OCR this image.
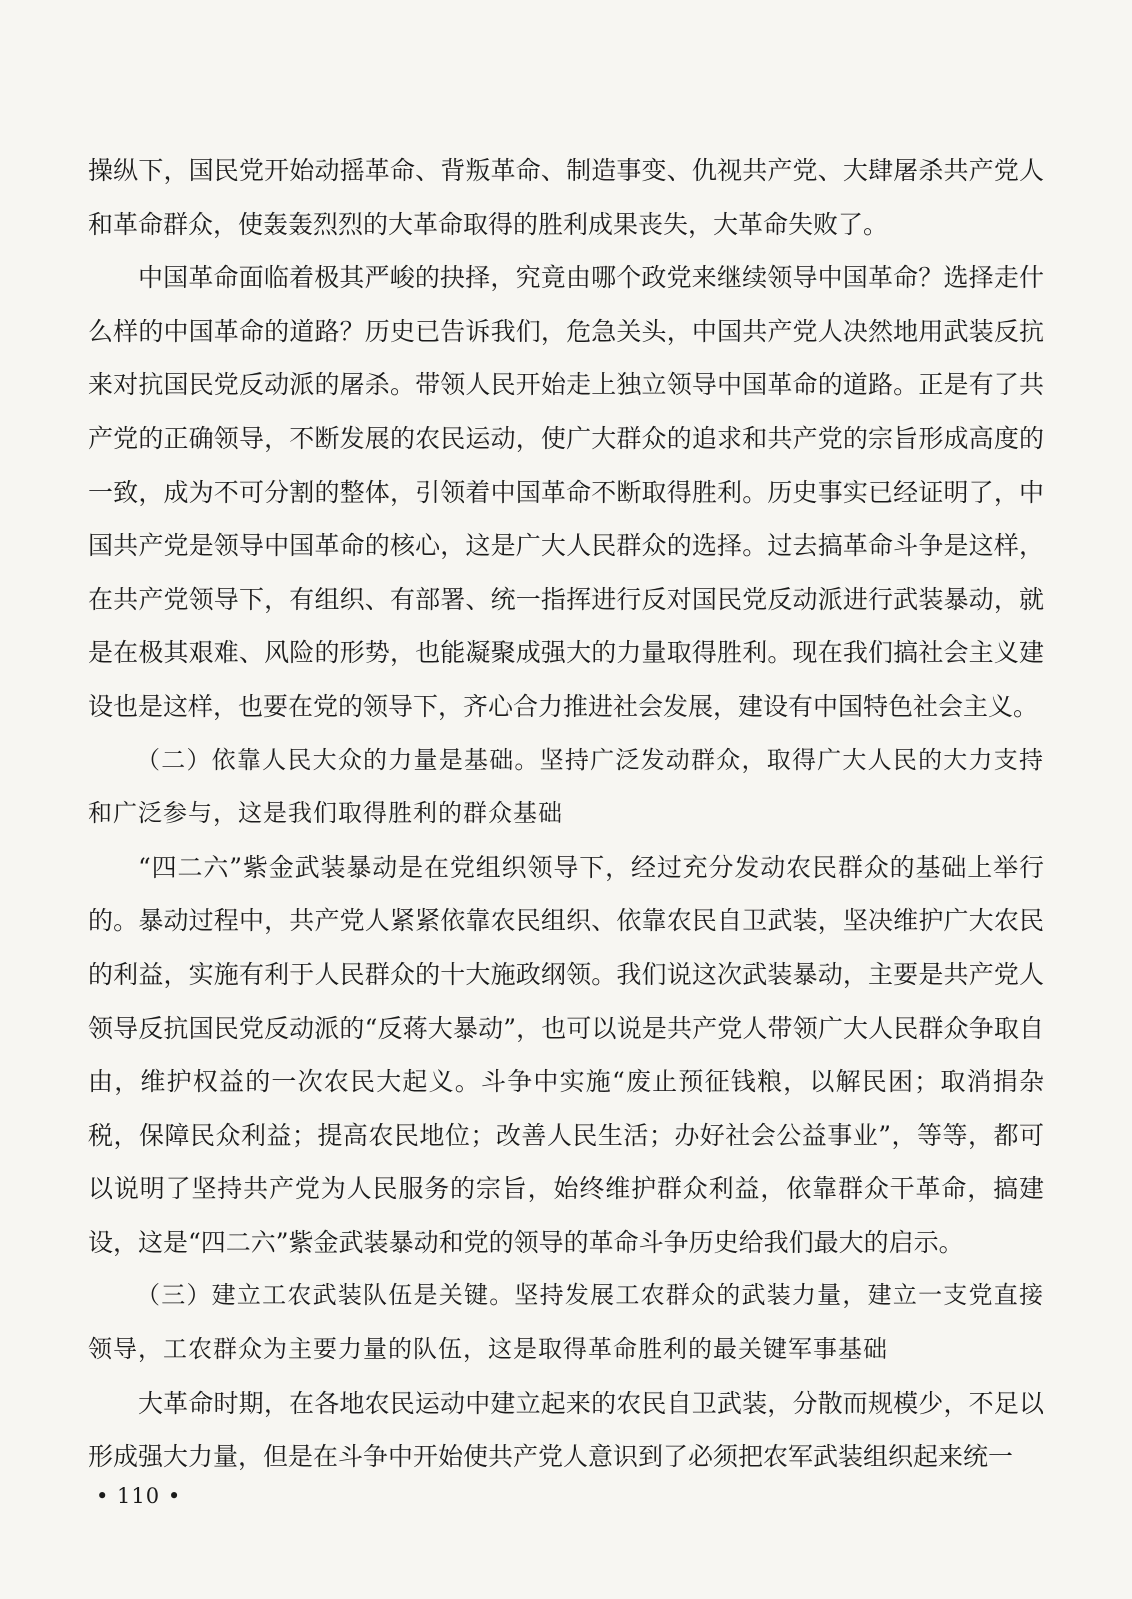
操纵下，国民党开始动摇革命、背叛革命、制造事变、仇视共产党、大肆屠杀共产党人和革命群众，使轰轰烈烈的大革命取得的胜利成果丧失，大革命失败了。

中国革命面临着极其严峻的抉择，究竟由哪个政党来继续领导中国革命？选择走什么样的中国革命的道路？历史已告诉我们，危急关头，中国共产党人决然地用武装反抗来对抗国民党反动派的屠杀。带领人民开始走上独立领导中国革命的道路。正是有了共产党的正确领导，不断发展的农民运动，使广大群众的追求和共产党的宗旨形成高度的一致，成为不可分割的整体，引领着中国革命不断取得胜利。历史事实已经证明了，中国共产党是领导中国革命的核心，这是广大人民群众的选择。过去搞革命斗争是这样，在共产党领导下，有组织、有部署、统一指挥进行反对国民党反动派进行武装暴动，就是在极其艰难、风险的形势，也能凝聚成强大的力量取得胜利。现在我们搞社会主义建设也是这样，也要在党的领导下，齐心合力推进社会发展，建设有中国特色社会主义。

（二）依靠人民大众的力量是基础。坚持广泛发动群众，取得广大人民的大力支持和广泛参与，这是我们取得胜利的群众基础

“四二六”紫金武装暴动是在党组织领导下，经过充分发动农民群众的基础上举行的。暴动过程中，共产党人紧紧依靠农民组织、依靠农民自卫武装，坚决维护广大农民的利益，实施有利于人民群众的十大施政纲领。我们说这次武装暴动，主要是共产党人领导反抗国民党反动派的“反蒋大暴动”，也可以说是共产党人带领广大人民群众争取自由，维护权益的一次农民大起义。斗争中实施“废止预征钱粮，以解民困；取消捐杂税，保障民众利益；提高农民地位；改善人民生活；办好社会公益事业”，等等，都可以说明了坚持共产党为人民服务的宗旨，始终维护群众利益，依靠群众干革命，搞建设，这是“四二六”紫金武装暴动和党的领导的革命斗争历史给我们最大的启示。

（三）建立工农武装队伍是关键。坚持发展工农群众的武装力量，建立一支党直接领导，工农群众为主要力量的队伍，这是取得革命胜利的最关键军事基础

大革命时期，在各地农民运动中建立起来的农民自卫武装，分散而规模少，不足以形成强大力量，但是在斗争中开始使共产党人意识到了必须把农军武装组织起来统一

• 110 •
